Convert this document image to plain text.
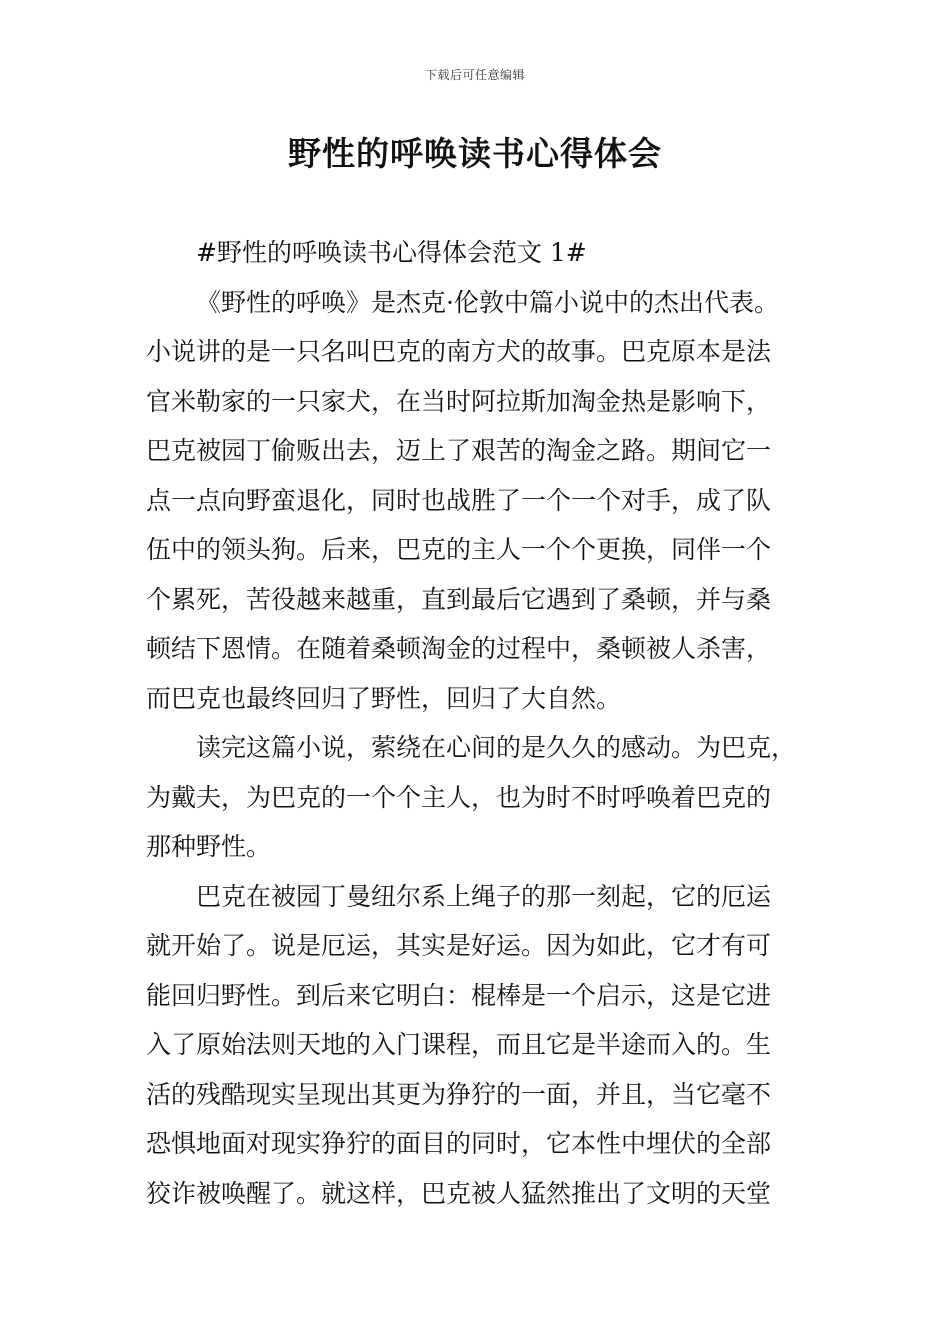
下载后可任意编辑
野性的呼唤读书心得体会
#野性的呼唤读书心得体会范文 1#
《野性的呼唤》是杰克·伦敦中篇小说中的杰出代表。
小说讲的是一只名叫巴克的南方犬的故事。巴克原本是法
官米勒家的一只家犬，在当时阿拉斯加淘金热是影响下，
巴克被园丁偷贩出去，迈上了艰苦的淘金之路。期间它一
点一点向野蛮退化，同时也战胜了一个一个对手，成了队
伍中的领头狗。后来，巴克的主人一个个更换，同伴一个
个累死，苦役越来越重，直到最后它遇到了桑顿，并与桑
顿结下恩情。在随着桑顿淘金的过程中，桑顿被人杀害，
而巴克也最终回归了野性，回归了大自然。
读完这篇小说，萦绕在心间的是久久的感动。为巴克，
为戴夫，为巴克的一个个主人，也为时不时呼唤着巴克的
那种野性。
巴克在被园丁曼纽尔系上绳子的那一刻起，它的厄运
就开始了。说是厄运，其实是好运。因为如此，它才有可
能回归野性。到后来它明白：棍棒是一个启示，这是它进
入了原始法则天地的入门课程，而且它是半途而入的。生
活的残酷现实呈现出其更为狰狞的一面，并且，当它毫不
恐惧地面对现实狰狞的面目的同时，它本性中埋伏的全部
狡诈被唤醒了。就这样，巴克被人猛然推出了文明的天堂
